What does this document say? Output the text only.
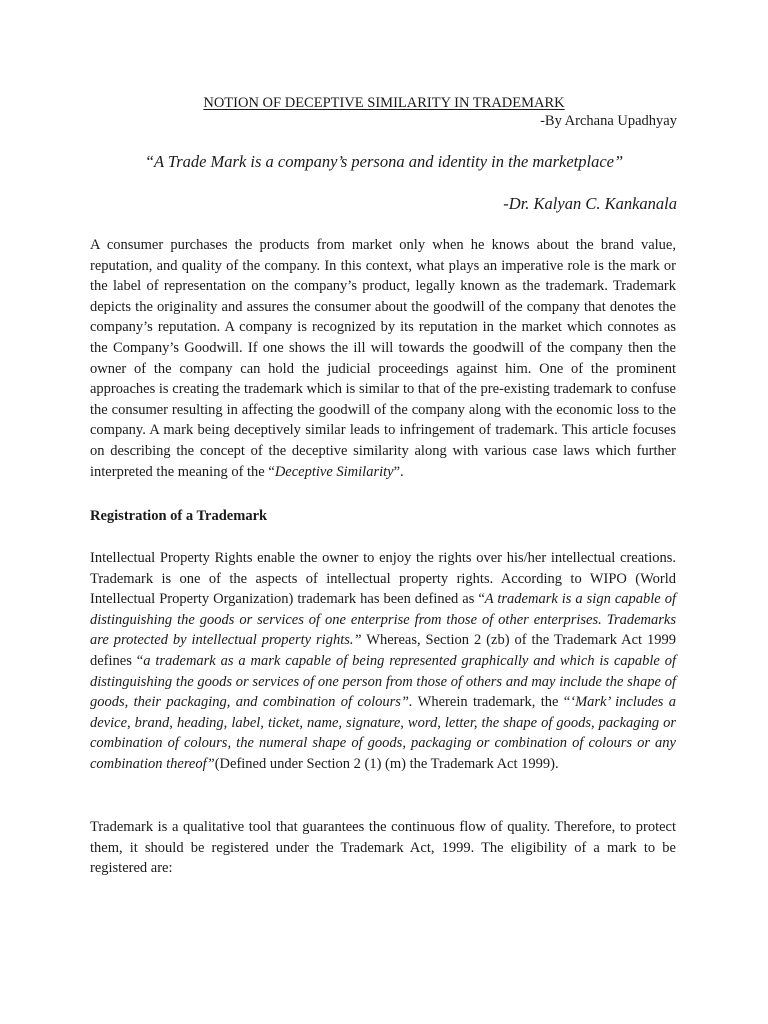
NOTION OF DECEPTIVE SIMILARITY IN TRADEMARK
-By Archana Upadhyay
“A Trade Mark is a company’s persona and identity in the marketplace”
-Dr. Kalyan C. Kankanala

A consumer purchases the products from market only when he knows about the brand value, reputation, and quality of the company. In this context, what plays an imperative role is the mark or the label of representation on the company’s product, legally known as the trademark. Trademark depicts the originality and assures the consumer about the goodwill of the company that denotes the company’s reputation. A company is recognized by its reputation in the market which connotes as the Company’s Goodwill. If one shows the ill will towards the goodwill of the company then the owner of the company can hold the judicial proceedings against him. One of the prominent approaches is creating the trademark which is similar to that of the pre-existing trademark to confuse the consumer resulting in affecting the goodwill of the company along with the economic loss to the company. A mark being deceptively similar leads to infringement of trademark. This article focuses on describing the concept of the deceptive similarity along with various case laws which further interpreted the meaning of the “Deceptive Similarity”.

Registration of a Trademark

Intellectual Property Rights enable the owner to enjoy the rights over his/her intellectual creations. Trademark is one of the aspects of intellectual property rights. According to WIPO (World Intellectual Property Organization) trademark has been defined as “A trademark is a sign capable of distinguishing the goods or services of one enterprise from those of other enterprises. Trademarks are protected by intellectual property rights.” Whereas, Section 2 (zb) of the Trademark Act 1999 defines “a trademark as a mark capable of being represented graphically and which is capable of distinguishing the goods or services of one person from those of others and may include the shape of goods, their packaging, and combination of colours”. Wherein trademark, the “‘Mark’ includes a device, brand, heading, label, ticket, name, signature, word, letter, the shape of goods, packaging or combination of colours, the numeral shape of goods, packaging or combination of colours or any combination thereof”(Defined under Section 2 (1) (m) the Trademark Act 1999).

Trademark is a qualitative tool that guarantees the continuous flow of quality. Therefore, to protect them, it should be registered under the Trademark Act, 1999. The eligibility of a mark to be registered are:
